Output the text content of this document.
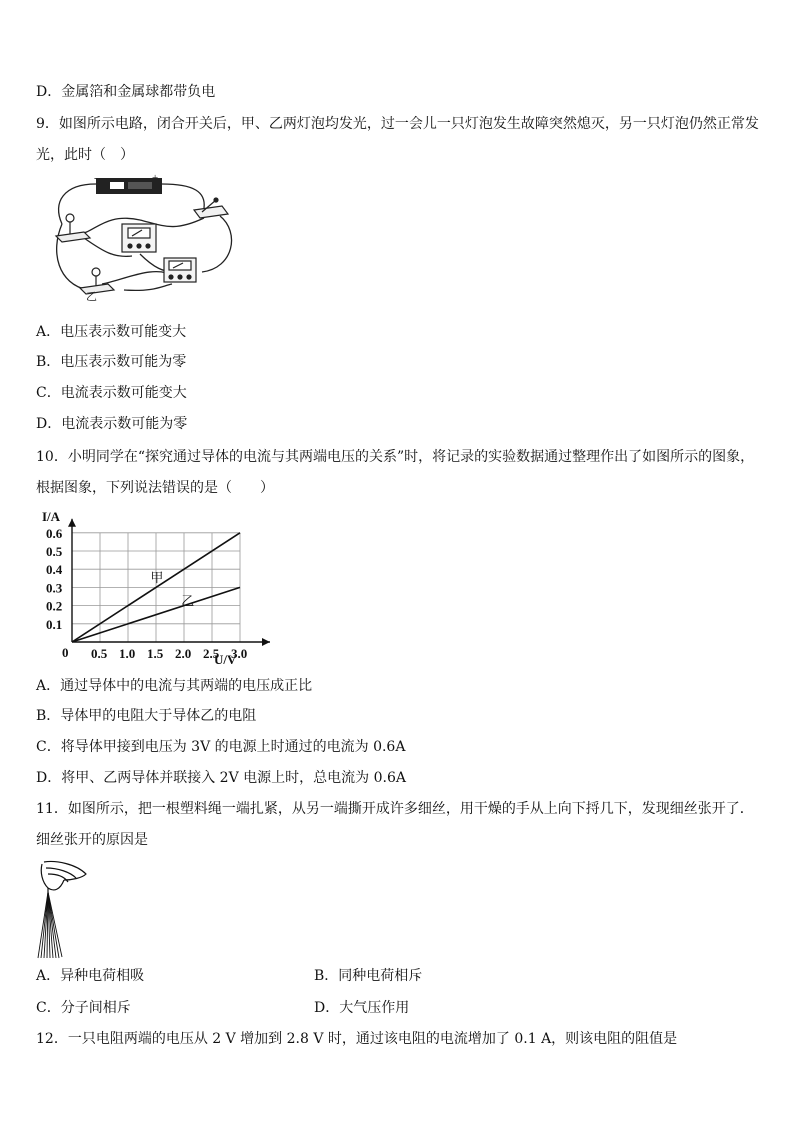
D．金属箔和金属球都带负电
9．如图所示电路，闭合开关后，甲、乙两灯泡均发光，过一会儿一只灯泡发生故障突然熄灭，另一只灯泡仍然正常发光，此时（　）
-	+
乙
A．电压表示数可能变大
B．电压表示数可能为零
C．电流表示数可能变大
D．电流表示数可能为零
10．小明同学在“探究通过导体的电流与其两端电压的关系”时，将记录的实验数据通过整理作出了如图所示的图象，根据图象，下列说法错误的是（　　）
I/A
U/V
0
甲
乙
0.5 1.0 1.5 2.0 2.5 3.0
0.6
0.5
0.4
0.3
0.2
0.1
A．通过导体中的电流与其两端的电压成正比
B．导体甲的电阻大于导体乙的电阻
C．将导体甲接到电压为 3V 的电源上时通过的电流为 0.6A
D．将甲、乙两导体并联接入 2V 电源上时，总电流为 0.6A
11．如图所示，把一根塑料绳一端扎紧，从另一端撕开成许多细丝，用干燥的手从上向下捋几下，发现细丝张开了．细丝张开的原因是
A．异种电荷相吸	B．同种电荷相斥
C．分子间相斥	D．大气压作用
12．一只电阻两端的电压从 2 V 增加到 2.8 V 时，通过该电阻的电流增加了 0.1 A，则该电阻的阻值是
